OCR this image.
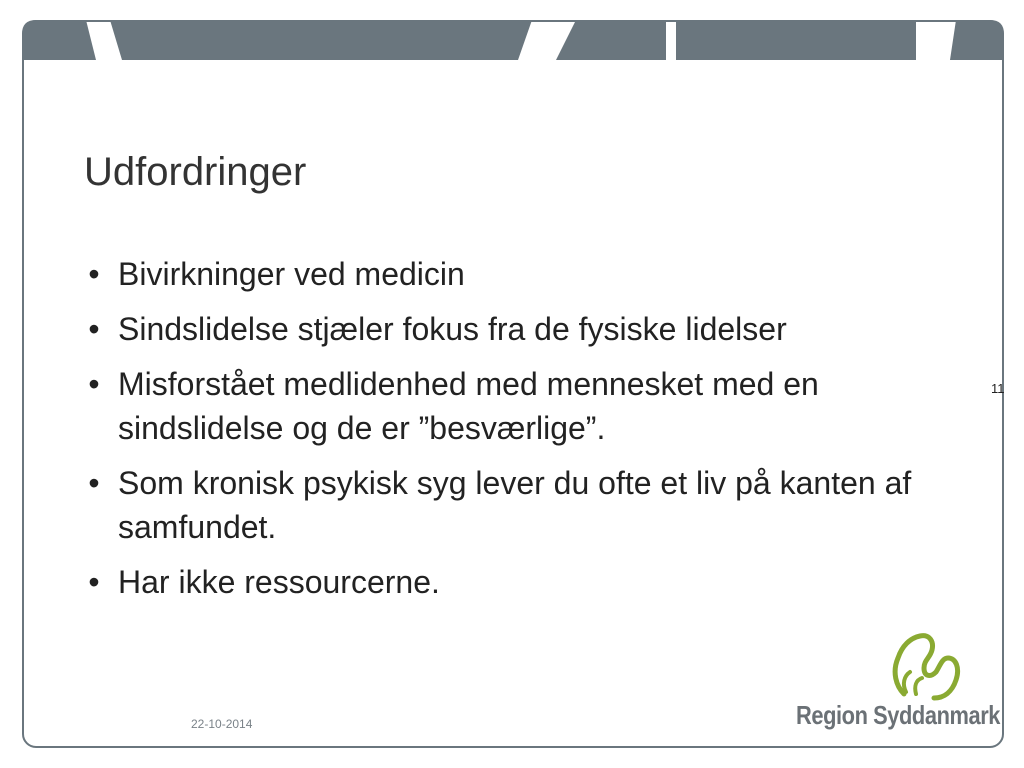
Udfordringer
• Bivirkninger ved medicin
• Sindslidelse stjæler fokus fra de fysiske lidelser
• Misforstået medlidenhed med mennesket med en sindslidelse og de er ”besværlige”.
• Som kronisk psykisk syg lever du ofte et liv på kanten af samfundet.
• Har ikke ressourcerne.
11
22-10-2014	Region Syddanmark
